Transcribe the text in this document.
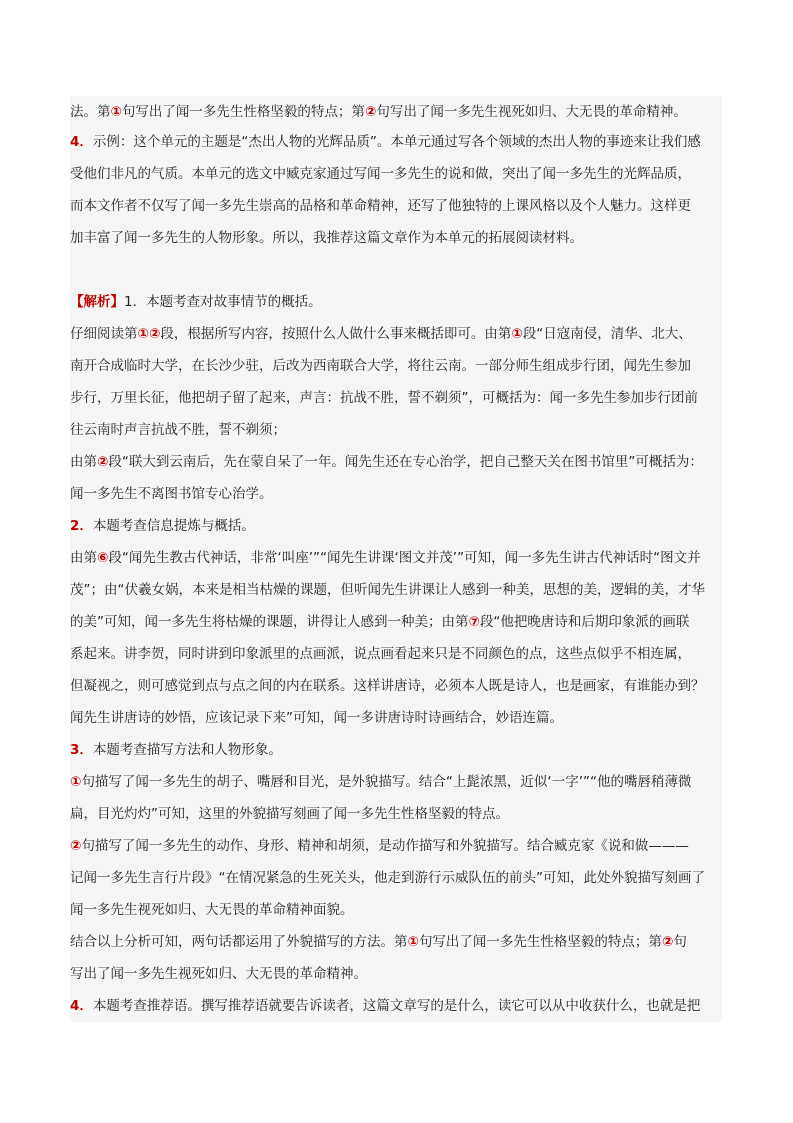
法。第①句写出了闻一多先生性格坚毅的特点；第②句写出了闻一多先生视死如归、大无畏的革命精神。
4．示例：这个单元的主题是“杰出人物的光辉品质”。本单元通过写各个领域的杰出人物的事迹来让我们感
受他们非凡的气质。本单元的选文中臧克家通过写闻一多先生的说和做，突出了闻一多先生的光辉品质，
而本文作者不仅写了闻一多先生崇高的品格和革命精神，还写了他独特的上课风格以及个人魅力。这样更
加丰富了闻一多先生的人物形象。所以，我推荐这篇文章作为本单元的拓展阅读材料。
【解析】1．本题考查对故事情节的概括。
仔细阅读第①②段，根据所写内容，按照什么人做什么事来概括即可。由第①段“日寇南侵，清华、北大、
南开合成临时大学，在长沙少驻，后改为西南联合大学，将往云南。一部分师生组成步行团，闻先生参加
步行，万里长征，他把胡子留了起来，声言：抗战不胜，誓不剃须”，可概括为：闻一多先生参加步行团前
往云南时声言抗战不胜，誓不剃须；
由第②段“联大到云南后，先在蒙自呆了一年。闻先生还在专心治学，把自己整天关在图书馆里”可概括为：
闻一多先生不离图书馆专心治学。
2．本题考查信息提炼与概括。
由第⑥段“闻先生教古代神话，非常‘叫座’”“闻先生讲课‘图文并茂’”可知，闻一多先生讲古代神话时“图文并
茂”；由“伏羲女娲，本来是相当枯燥的课题，但听闻先生讲课让人感到一种美，思想的美，逻辑的美，才华
的美”可知，闻一多先生将枯燥的课题，讲得让人感到一种美；由第⑦段“他把晚唐诗和后期印象派的画联
系起来。讲李贺，同时讲到印象派里的点画派，说点画看起来只是不同颜色的点，这些点似乎不相连属，
但凝视之，则可感觉到点与点之间的内在联系。这样讲唐诗，必须本人既是诗人，也是画家，有谁能办到？
闻先生讲唐诗的妙悟，应该记录下来”可知，闻一多讲唐诗时诗画结合，妙语连篇。
3．本题考查描写方法和人物形象。
①句描写了闻一多先生的胡子、嘴唇和目光，是外貌描写。结合“上髭浓黑，近似‘一字’”“他的嘴唇稍薄微
扁，目光灼灼”可知，这里的外貌描写刻画了闻一多先生性格坚毅的特点。
②句描写了闻一多先生的动作、身形、精神和胡须，是动作描写和外貌描写。结合臧克家《说和做———
记闻一多先生言行片段》“在情况紧急的生死关头，他走到游行示威队伍的前头”可知，此处外貌描写刻画了
闻一多先生视死如归、大无畏的革命精神面貌。
结合以上分析可知，两句话都运用了外貌描写的方法。第①句写出了闻一多先生性格坚毅的特点；第②句
写出了闻一多先生视死如归、大无畏的革命精神。
4．本题考查推荐语。撰写推荐语就要告诉读者，这篇文章写的是什么，读它可以从中收获什么，也就是把
